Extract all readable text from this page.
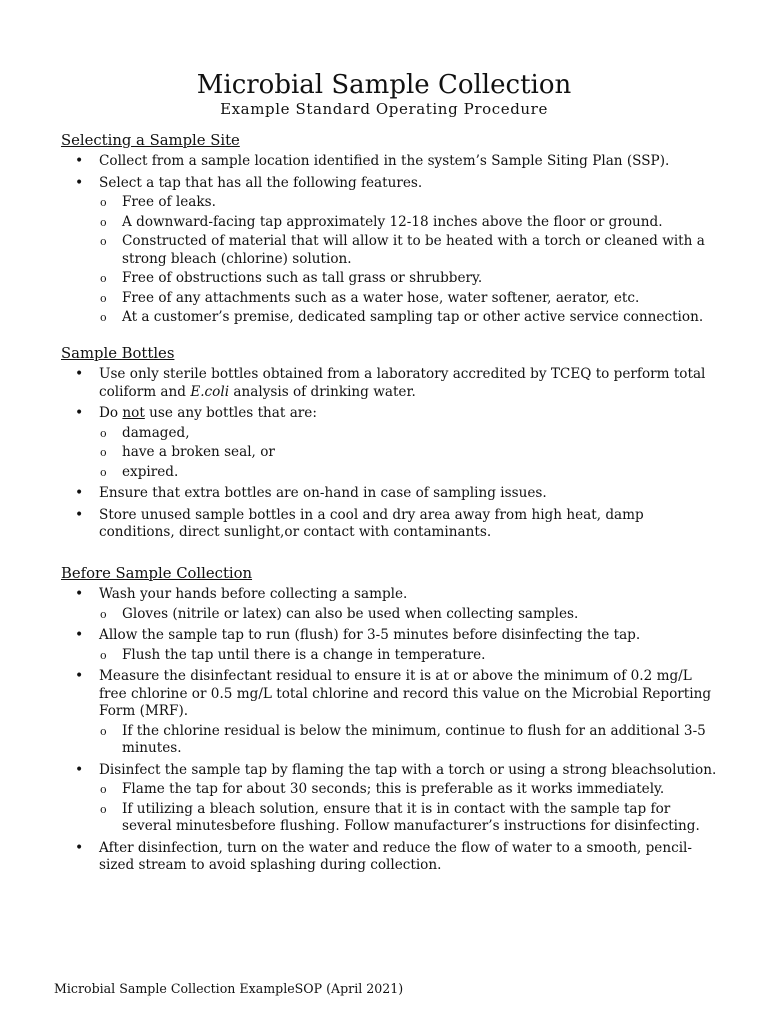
Microbial Sample Collection
Example Standard Operating Procedure
Selecting a Sample Site
• Collect from a sample location identified in the system’s Sample Siting Plan (SSP).
• Select a tap that has all the following features.
o Free of leaks.
o A downward-facing tap approximately 12-18 inches above the floor or ground.
o Constructed of material that will allow it to be heated with a torch or cleaned with a strong bleach (chlorine) solution.
o Free of obstructions such as tall grass or shrubbery.
o Free of any attachments such as a water hose, water softener, aerator, etc.
o At a customer’s premise, dedicated sampling tap or other active service connection.
Sample Bottles
• Use only sterile bottles obtained from a laboratory accredited by TCEQ to perform total coliform and E.coli analysis of drinking water.
• Do not use any bottles that are:
o damaged,
o have a broken seal, or
o expired.
• Ensure that extra bottles are on-hand in case of sampling issues.
• Store unused sample bottles in a cool and dry area away from high heat, damp conditions, direct sunlight,or contact with contaminants.
Before Sample Collection
• Wash your hands before collecting a sample.
o Gloves (nitrile or latex) can also be used when collecting samples.
• Allow the sample tap to run (flush) for 3-5 minutes before disinfecting the tap.
o Flush the tap until there is a change in temperature.
• Measure the disinfectant residual to ensure it is at or above the minimum of 0.2 mg/L free chlorine or 0.5 mg/L total chlorine and record this value on the Microbial Reporting Form (MRF).
o If the chlorine residual is below the minimum, continue to flush for an additional 3-5 minutes.
• Disinfect the sample tap by flaming the tap with a torch or using a strong bleachsolution.
o Flame the tap for about 30 seconds; this is preferable as it works immediately.
o If utilizing a bleach solution, ensure that it is in contact with the sample tap for several minutesbefore flushing. Follow manufacturer’s instructions for disinfecting.
• After disinfection, turn on the water and reduce the flow of water to a smooth, pencil-sized stream to avoid splashing during collection.
Microbial Sample Collection ExampleSOP (April 2021)
